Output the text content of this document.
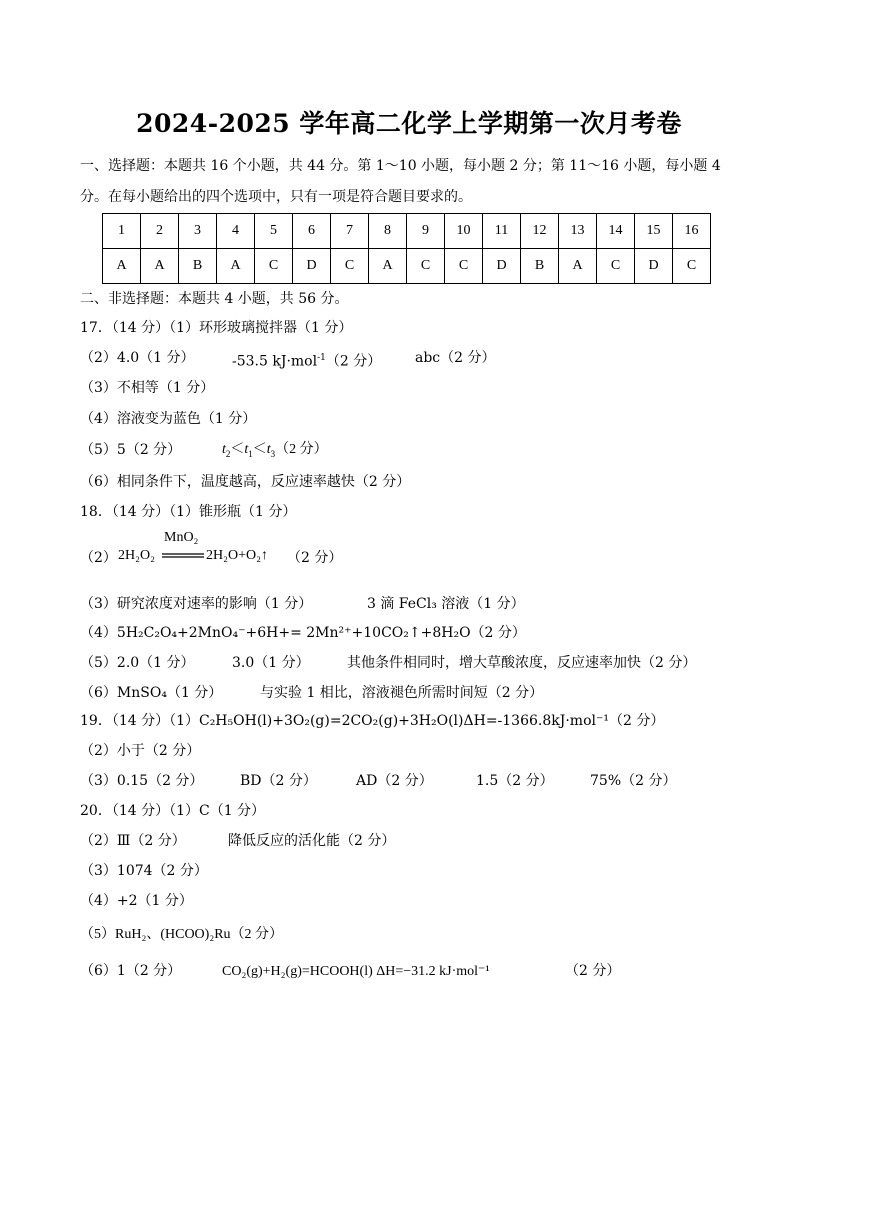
2024-2025 学年高二化学上学期第一次月考卷
一、选择题：本题共 16 个小题，共 44 分。第 1～10 小题，每小题 2 分；第 11～16 小题，每小题 4
分。在每小题给出的四个选项中，只有一项是符合题目要求的。
1	2	3	4	5	6	7	8	9	10	11	12	13	14	15	16
A	A	B	A	C	D	C	A	C	C	D	B	A	C	D	C
二、非选择题：本题共 4 小题，共 56 分。
17．（14 分）（1）环形玻璃搅拌器（1 分）
（2）4.0（1 分）	-53.5 kJ·mol$^{-1}$（2 分） abc（2 分）
（3）不相等（1 分）
（4）溶液变为蓝色（1 分）
（5）5（2 分）	$t_2<t_1<t_3(2$ 分）
（6）相同条件下，温度越高，反应速率越快（2 分）
18．（14 分）（1）锥形瓶（1 分）
（2） 2H₂O₂
MnO₂
2H₂O+O₂↑ （2 分）
（3）研究浓度对速率的影响（1 分）	3 滴 FeCl₃ 溶液（1 分）
（4）5H₂C₂O₄+2MnO₄⁻+6H+= 2Mn²⁺+10CO₂↑+8H₂O（2 分）
（5）2.0（1 分）	3.0（1 分）	其他条件相同时，增大草酸浓度，反应速率加快（2 分）
（6）MnSO₄（1 分）	与实验 1 相比，溶液褪色所需时间短（2 分）
19．（14 分）（1）C₂H₅OH(l)+3O₂(g)=2CO₂(g)+3H₂O(l)ΔH=-1366.8kJ·mol⁻¹（2 分）
（2）小于（2 分）
（3）0.15（2 分）	BD（2 分）	AD（2 分）	1.5（2 分）	75%（2 分）
20．（14 分）（1）C（1 分）
（2）Ⅲ（2 分）	降低反应的活化能（2 分）
（3）1074（2 分）
（4）+2（1 分）
（5）RuH₂、(HCOO)₂Ru（2 分）
（6）1（2 分）	CO₂(g)+H₂(g)=HCOOH(l) ΔH=−31.2 kJ·mol⁻¹	（2 分）
